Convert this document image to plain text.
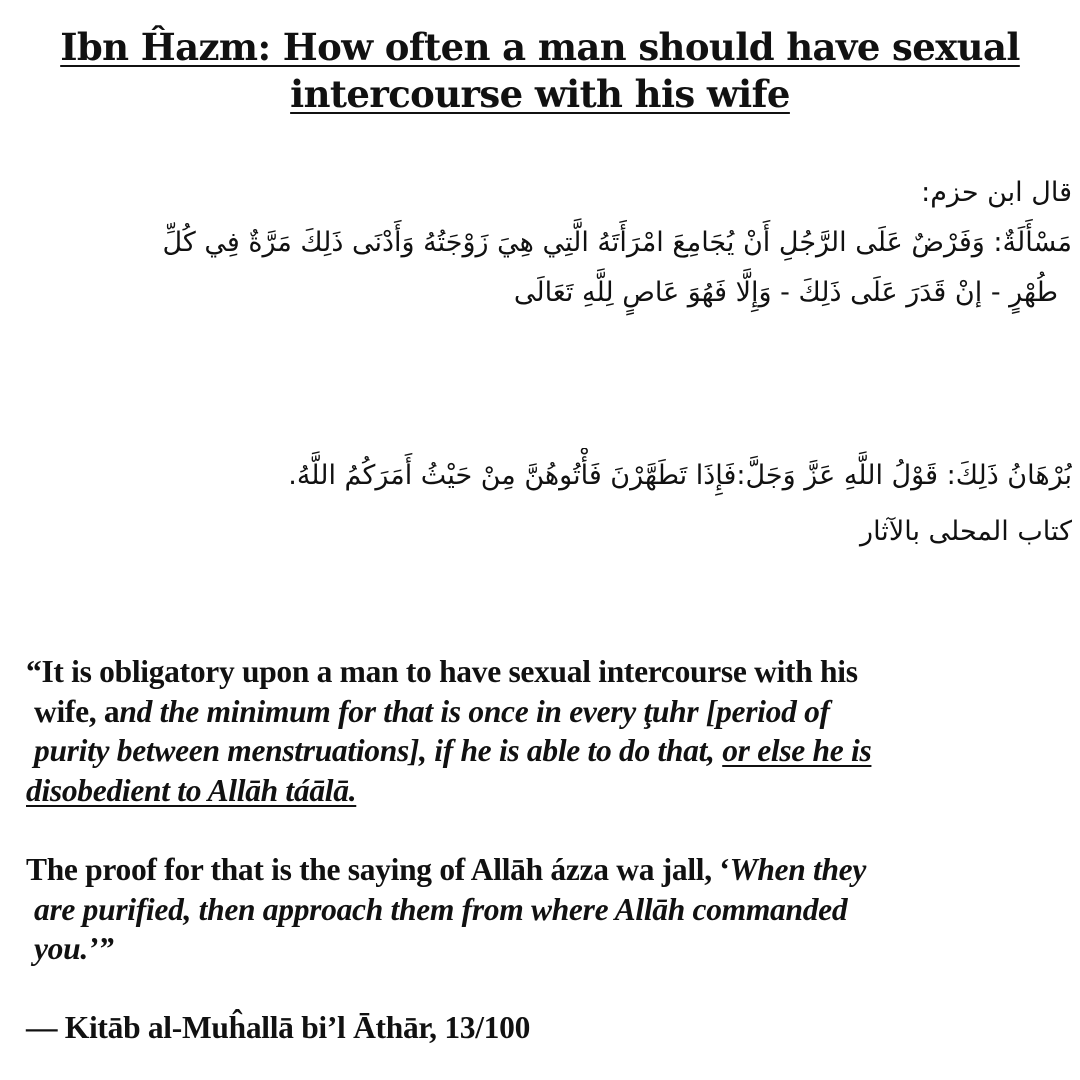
Ibn Ĥazm: How often a man should have sexual
intercourse with his wife
قال ابن حزم:
مَسْأَلَةٌ: وَفَرْضٌ عَلَى الرَّجُلِ أَنْ يُجَامِعَ امْرَأَتَهُ الَّتِي هِيَ زَوْجَتُهُ وَأَدْنَى ذَلِكَ مَرَّةٌ فِي كُلِّ
طُهْرٍ - إنْ قَدَرَ عَلَى ذَلِكَ - وَإِلَّا فَهُوَ عَاصٍ لِلَّهِ تَعَالَى
بُرْهَانُ ذَلِكَ: قَوْلُ اللَّهِ عَزَّ وَجَلَّ:فَإِذَا تَطَهَّرْنَ فَأْتُوهُنَّ مِنْ حَيْثُ أَمَرَكُمُ اللَّهُ.
كتاب المحلى بالآثار
“It is obligatory upon a man to have sexual intercourse with his
wife, and the minimum for that is once in every ţuhr [period of
purity between menstruations], if he is able to do that, or else he is
disobedient to Allāh táālā.
The proof for that is the saying of Allāh ázza wa jall, ‘When they
are purified, then approach them from where Allāh commanded
you.’”
— Kitāb al-Muĥallā bi’l Āthār, 13/100
